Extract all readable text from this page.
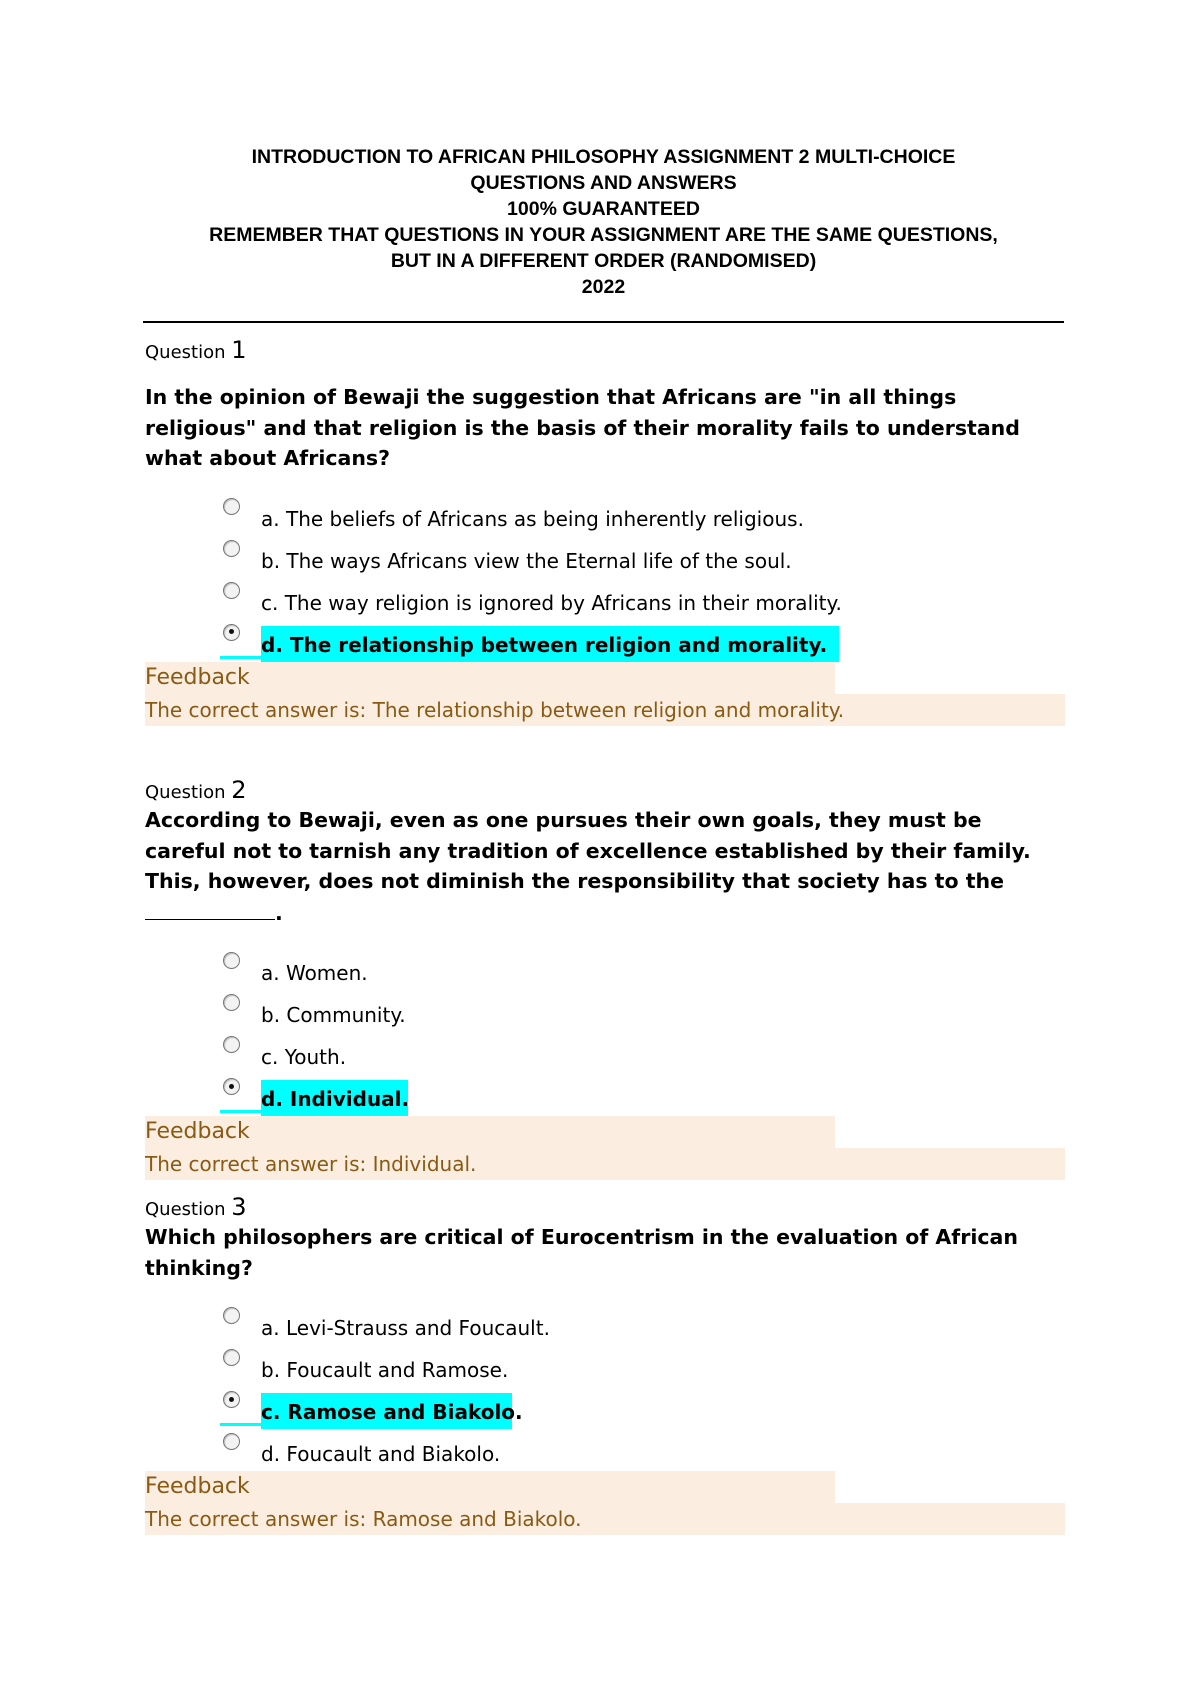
INTRODUCTION TO AFRICAN PHILOSOPHY ASSIGNMENT 2 MULTI-CHOICE
QUESTIONS AND ANSWERS
100% GUARANTEED
REMEMBER THAT QUESTIONS IN YOUR ASSIGNMENT ARE THE SAME QUESTIONS,
BUT IN A DIFFERENT ORDER (RANDOMISED)
2022
Question 1
In the opinion of Bewaji the suggestion that Africans are "in all things religious" and that religion is the basis of their morality fails to understand what about Africans?
a. The beliefs of Africans as being inherently religious.
b. The ways Africans view the Eternal life of the soul.
c. The way religion is ignored by Africans in their morality.
d. The relationship between religion and morality.
Feedback
The correct answer is: The relationship between religion and morality.
Question 2
According to Bewaji, even as one pursues their own goals, they must be careful not to tarnish any tradition of excellence established by their family. This, however, does not diminish the responsibility that society has to the.
a. Women.
b. Community.
c. Youth.
d. Individual.
Feedback
The correct answer is: Individual.
Question 3
Which philosophers are critical of Eurocentrism in the evaluation of African thinking?
a. Levi-Strauss and Foucault.
b. Foucault and Ramose.
c. Ramose and Biakolo.
d. Foucault and Biakolo.
Feedback
The correct answer is: Ramose and Biakolo.
